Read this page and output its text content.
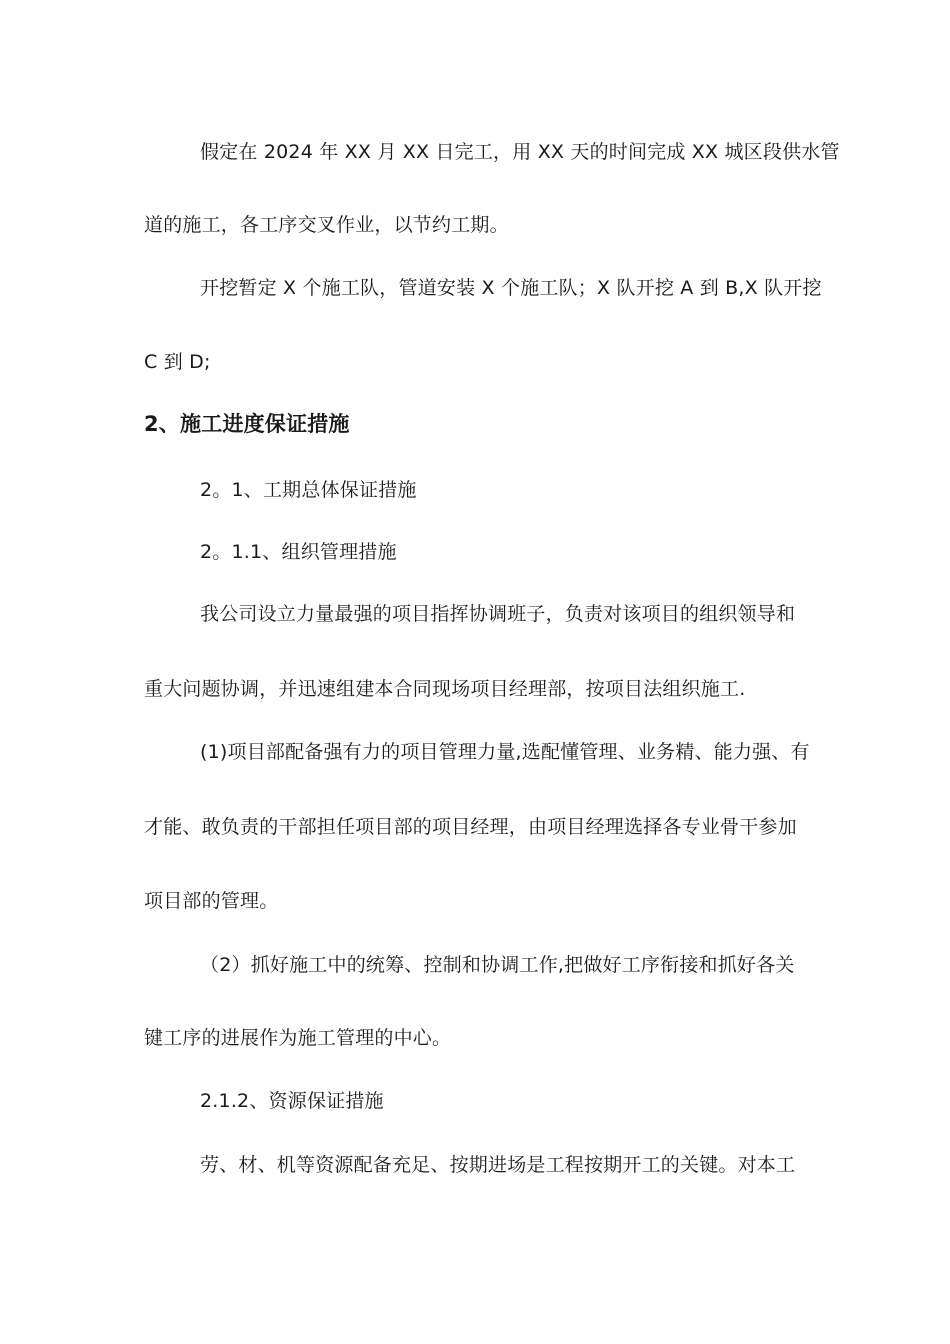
假定在 2024 年 XX 月 XX 日完工，用 XX 天的时间完成 XX 城区段供水管
道的施工，各工序交叉作业，以节约工期。
开挖暂定 X 个施工队，管道安装 X 个施工队；X 队开挖 A 到 B,X 队开挖
C 到 D;
2、施工进度保证措施
2。1、工期总体保证措施
2。1.1、组织管理措施
我公司设立力量最强的项目指挥协调班子，负责对该项目的组织领导和
重大问题协调，并迅速组建本合同现场项目经理部，按项目法组织施工.
(1)项目部配备强有力的项目管理力量,选配懂管理、业务精、能力强、有
才能、敢负责的干部担任项目部的项目经理，由项目经理选择各专业骨干参加
项目部的管理。
（2）抓好施工中的统筹、控制和协调工作,把做好工序衔接和抓好各关
键工序的进展作为施工管理的中心。
2.1.2、资源保证措施
劳、材、机等资源配备充足、按期进场是工程按期开工的关键。对本工
